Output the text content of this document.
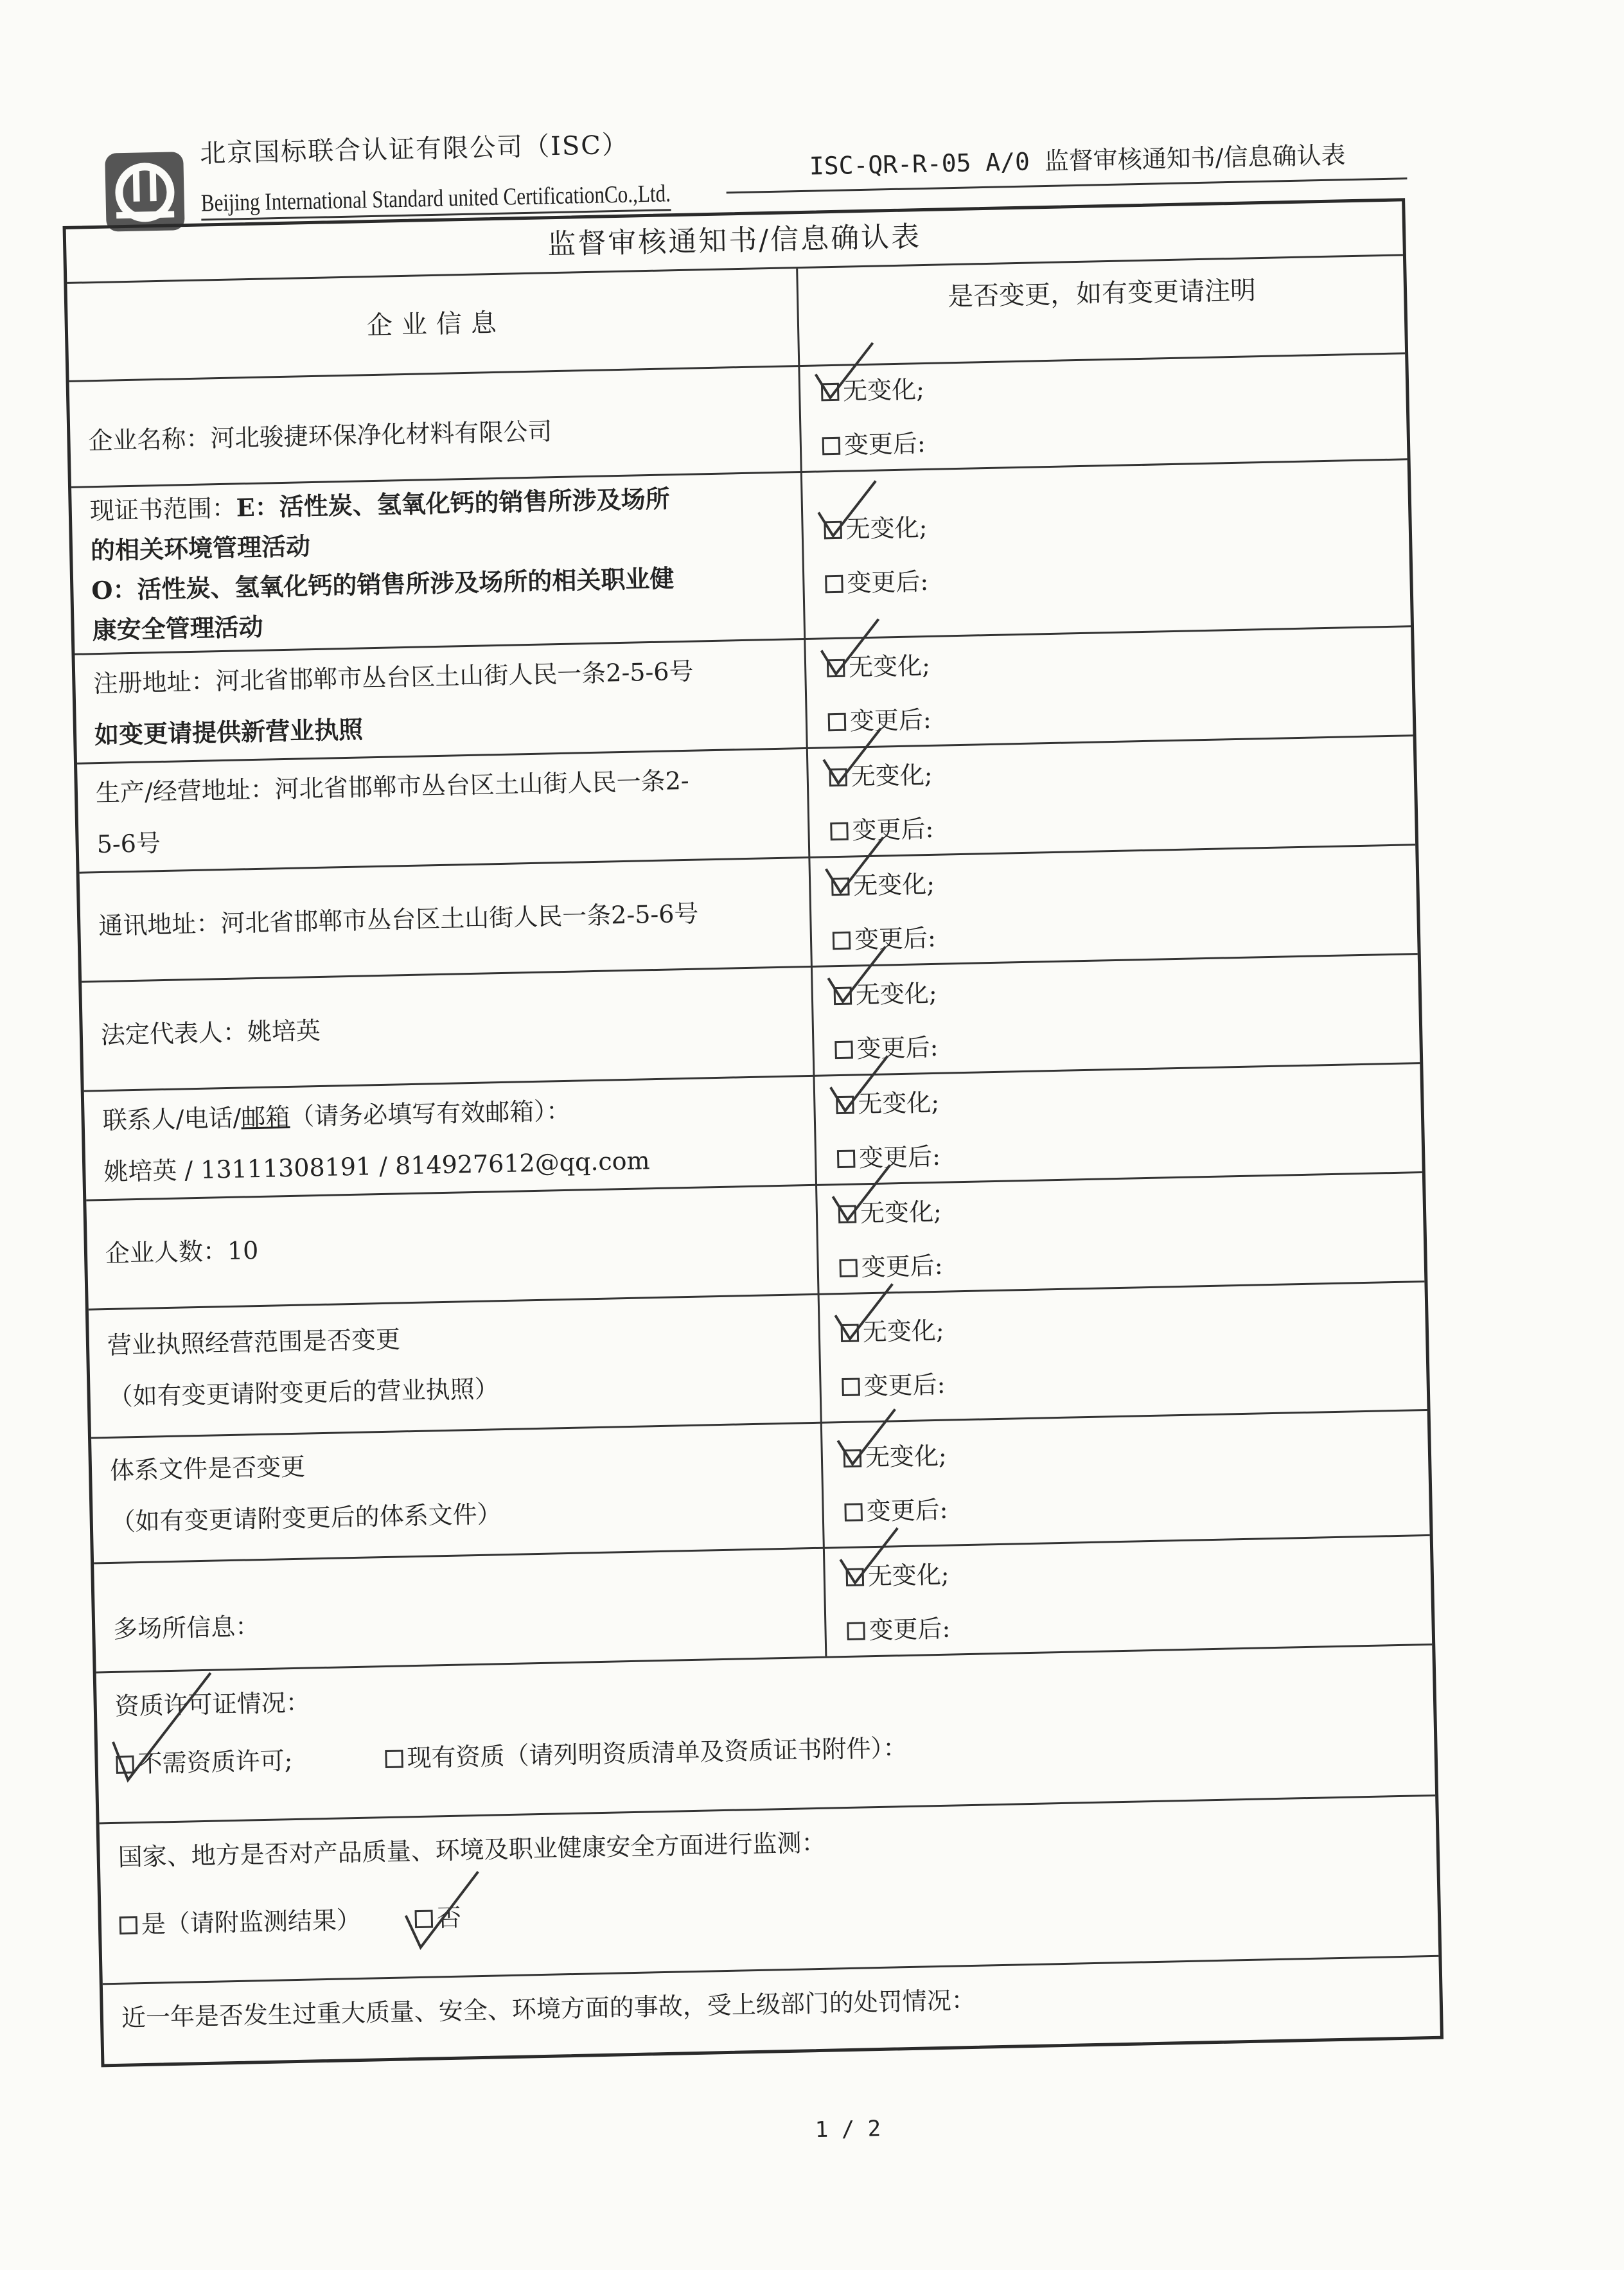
北京国标联合认证有限公司（ISC）
Beijing International Standard united CertificationCo.,Ltd.
ISC-QR-R-05 A/0 监督审核通知书/信息确认表
监督审核通知书/信息确认表
企业信息
是否变更，如有变更请注明
企业名称：河北骏捷环保净化材料有限公司
无变化;
变更后:
现证书范围：E：活性炭、氢氧化钙的销售所涉及场所
的相关环境管理活动
O：活性炭、氢氧化钙的销售所涉及场所的相关职业健
康安全管理活动
无变化;
变更后:
注册地址：河北省邯郸市丛台区土山街人民一条2-5-6号
如变更请提供新营业执照
无变化;
变更后:
生产/经营地址：河北省邯郸市丛台区土山街人民一条2-
5-6号
无变化;
变更后:
通讯地址：河北省邯郸市丛台区土山街人民一条2-5-6号
无变化;
变更后:
法定代表人：姚培英
无变化;
变更后:
联系人/电话/邮箱（请务必填写有效邮箱）：
姚培英 / 13111308191 / 814927612@qq.com
无变化;
变更后:
企业人数：10
无变化;
变更后:
营业执照经营范围是否变更
（如有变更请附变更后的营业执照）
无变化;
变更后:
体系文件是否变更
（如有变更请附变更后的体系文件）
无变化;
变更后:
多场所信息：
无变化;
变更后:
资质许可证情况：
不需资质许可;	现有资质（请列明资质清单及资质证书附件）：
国家、地方是否对产品质量、环境及职业健康安全方面进行监测：
是（请附监测结果）	否
近一年是否发生过重大质量、安全、环境方面的事故，受上级部门的处罚情况：
1 / 2
